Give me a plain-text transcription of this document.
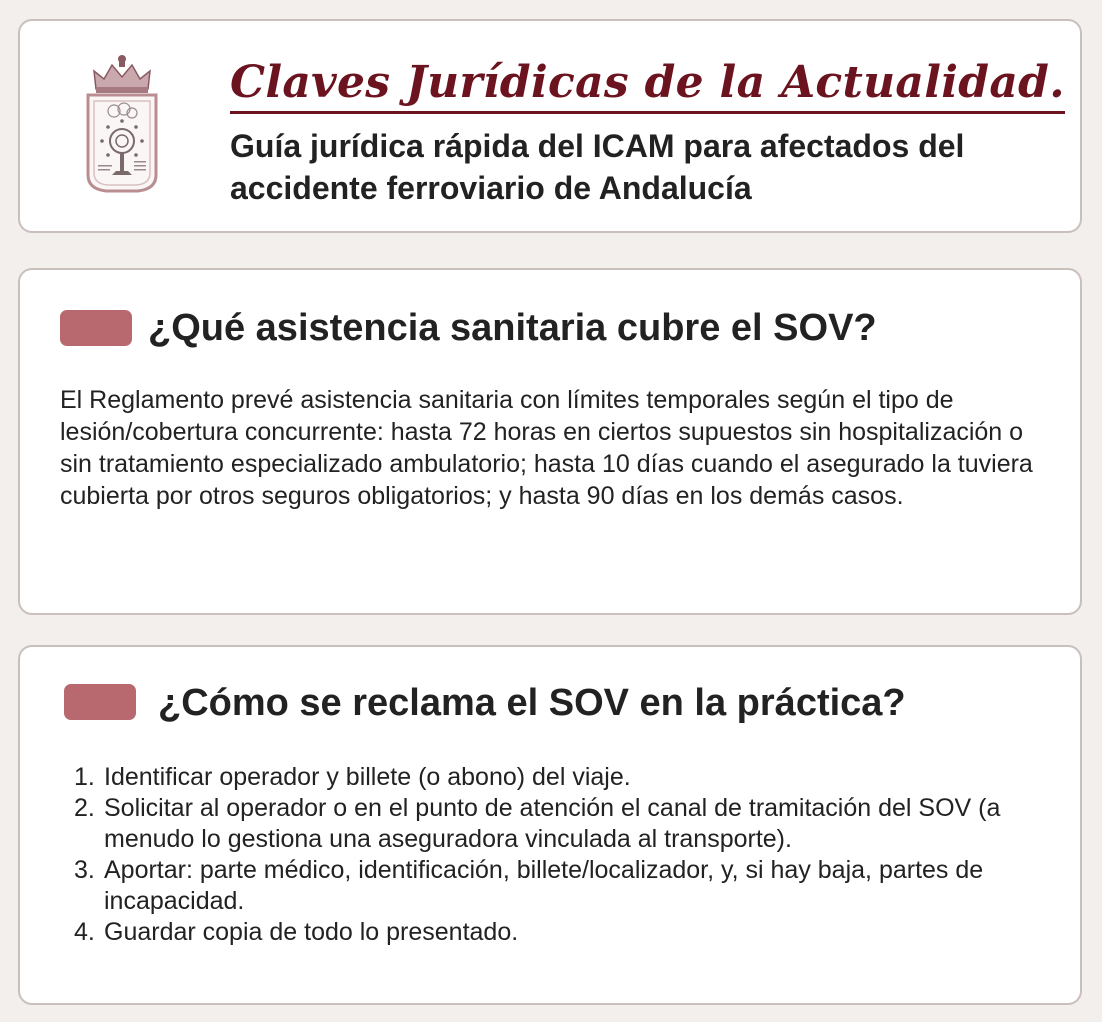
Claves Jurídicas de la Actualidad.
Guía jurídica rápida del ICAM para afectados del accidente ferroviario de Andalucía
¿Qué asistencia sanitaria cubre el SOV?

El Reglamento prevé asistencia sanitaria con límites temporales según el tipo de lesión/cobertura concurrente: hasta 72 horas en ciertos supuestos sin hospitalización o sin tratamiento especializado ambulatorio; hasta 10 días cuando el asegurado la tuviera cubierta por otros seguros obligatorios; y hasta 90 días en los demás casos.

¿Cómo se reclama el SOV en la práctica?
1. Identificar operador y billete (o abono) del viaje.
2. Solicitar al operador o en el punto de atención el canal de tramitación del SOV (a menudo lo gestiona una aseguradora vinculada al transporte).
3. Aportar: parte médico, identificación, billete/localizador, y, si hay baja, partes de incapacidad.
4. Guardar copia de todo lo presentado.
